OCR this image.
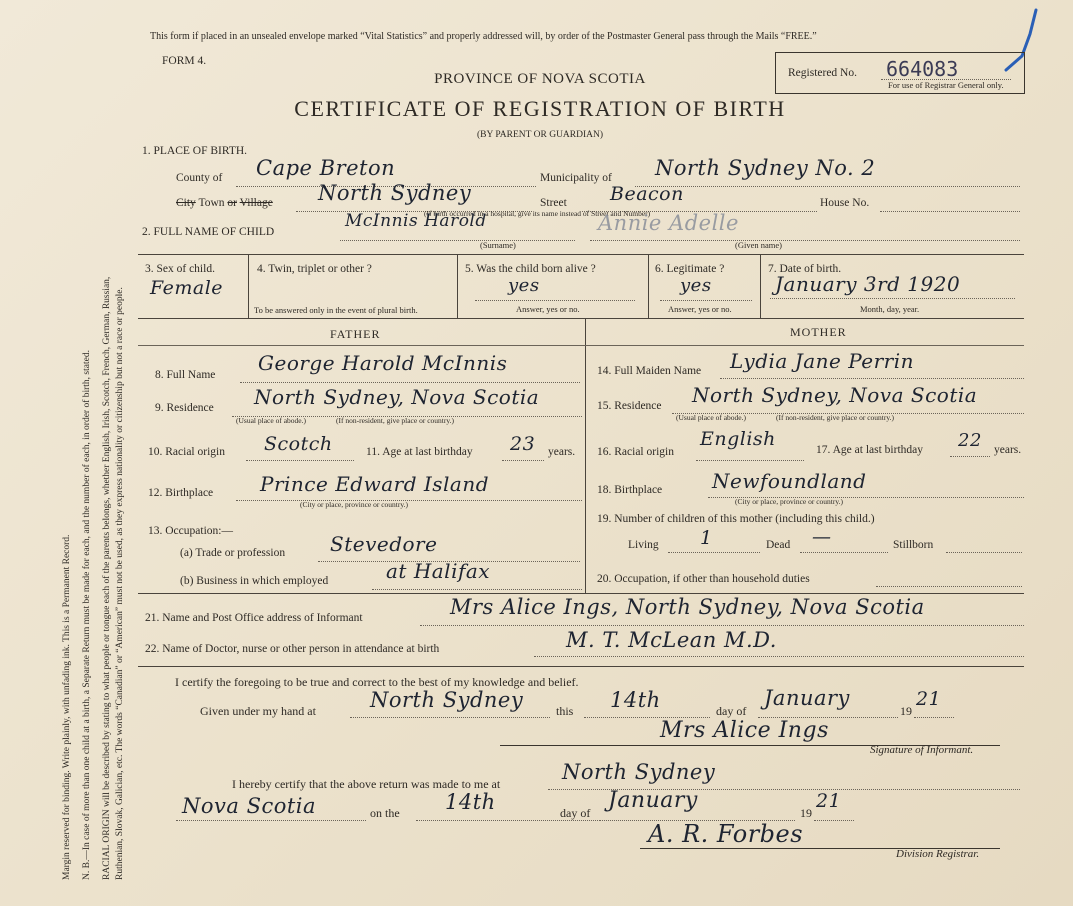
Margin reserved for binding. Write plainly, with unfading ink. This is a Permanent Record. N. B.—In case of more than one child at a birth, a Separate Return must be made for each, and the number of each, in order of birth, stated. RACIAL ORIGIN will be described by stating to what people or tongue each of the parents belongs, whether English, Irish, Scotch, French, German, Russian, Ruthenian, Slovak, Galician, etc. The words “Canadian” or “American” must not be used, as they express nationality or citizenship but not a race or people.
This form if placed in an unsealed envelope marked “Vital Statistics” and properly addressed will, by order of the Postmaster General pass through the Mails “FREE.”
FORM 4.
Registered No. 664083
For use of Registrar General only.
PROVINCE OF NOVA SCOTIA
CERTIFICATE OF REGISTRATION OF BIRTH
(BY PARENT OR GUARDIAN)
1. PLACE OF BIRTH.
County of Cape Breton	Municipality of North Sydney No. 2
City Town or Village North Sydney	Street Beacon	House No.
(If birth occurred in a hospital, give its name instead of Street and Number)
2. FULL NAME OF CHILD
McInnis Harold
(Surname)
Annie Adelle
(Given name)
3. Sex of child.
Female
4. Twin, triplet or other ?
To be answered only in the event of plural birth.
5. Was the child born alive ?
yes
Answer, yes or no.
6. Legitimate ?
yes
Answer, yes or no.
7. Date of birth.
January 3rd 1920
Month, day, year.
FATHER	MOTHER
8. Full Name George Harold McInnis
9. Residence North Sydney, Nova Scotia
(Usual place of abode.)	(If non-resident, give place or country.)
10. Racial origin Scotch	11. Age at last birthday 23 years.
12. Birthplace Prince Edward Island
(City or place, province or country.)
13. Occupation:—
(a) Trade or profession Stevedore
(b) Business in which employed	at Halifax
14. Full Maiden Name Lydia Jane Perrin
15. Residence North Sydney, Nova Scotia
(Usual place of abode.)	(If non-resident, give place or country.)
16. Racial origin
English	17. Age at last birthday 22 years.
18. Birthplace Newfoundland
(City or place, province or country.)
19. Number of children of this mother (including this child.)
Living 1	Dead —	Stillborn
20. Occupation, if other than household duties
21. Name and Post Office address of Informant	Mrs Alice Ings, North Sydney, Nova Scotia
22. Name of Doctor, nurse or other person in attendance at birth	M. T. McLean M.D.
I certify the foregoing to be true and correct to the best of my knowledge and belief.
Given under my hand at	North Sydney	this 14th	day of
January
19
21
Mrs Alice Ings
Signature of Informant.
I hereby certify that the above return was made to me at	North Sydney
Nova Scotia	on the 14th	day of January	19
21
A. R. Forbes
Division Registrar.
